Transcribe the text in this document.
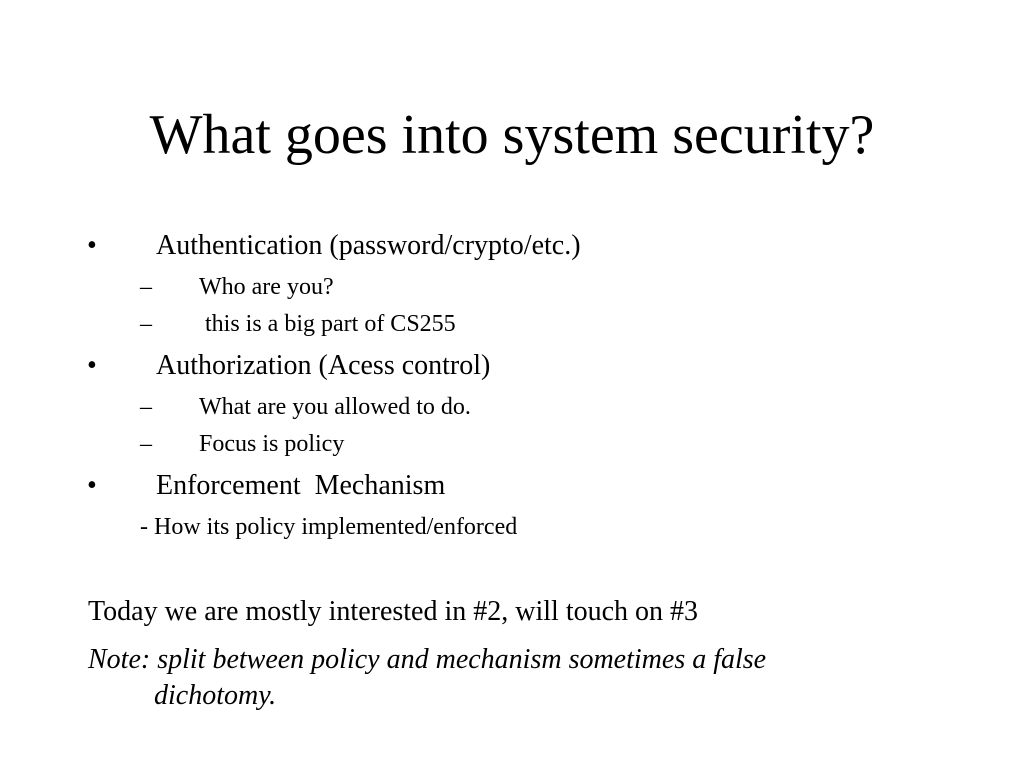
What goes into system security?
• Authentication (password/crypto/etc.)
– Who are you?
– this is a big part of CS255
• Authorization (Acess control)
– What are you allowed to do.
– Focus is policy
• Enforcement  Mechanism
- How its policy implemented/enforced
Today we are mostly interested in #2, will touch on #3
Note: split between policy and mechanism sometimes a false
dichotomy.
